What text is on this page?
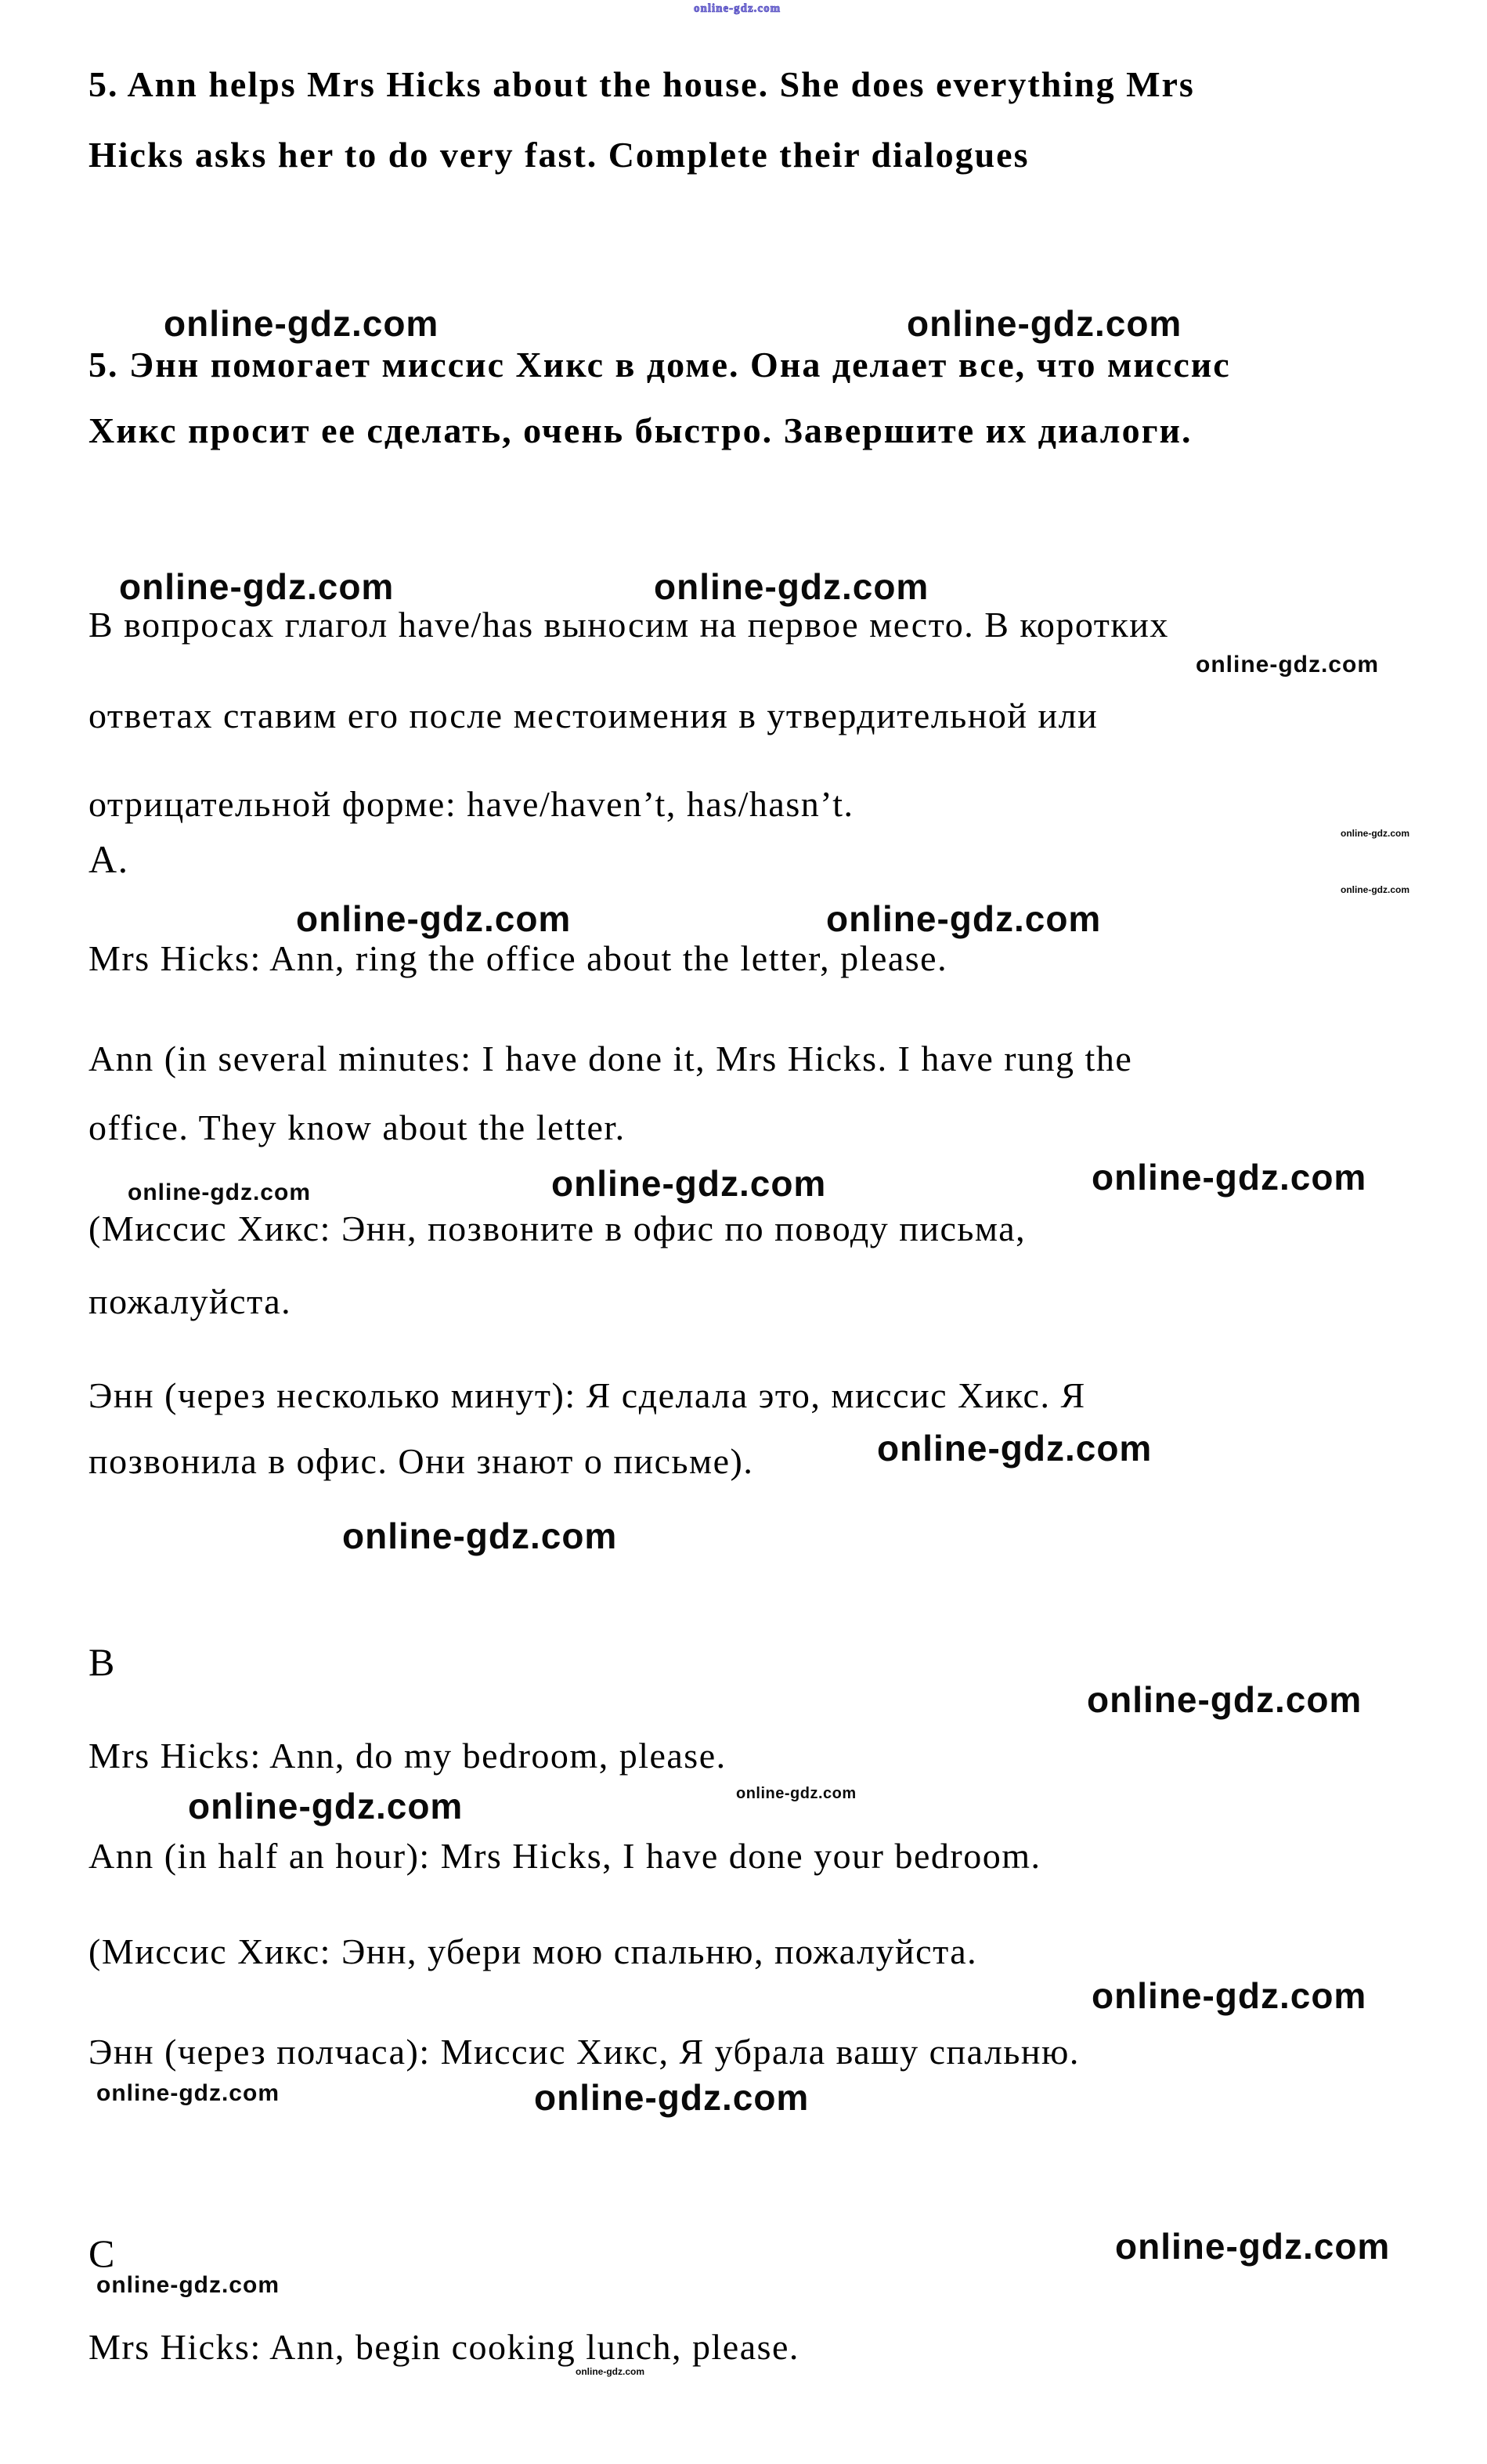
online-gdz.com
5. Ann helps Mrs Hicks about the house. She does everything Mrs
Hicks asks her to do very fast. Complete their dialogues
online-gdz.com	online-gdz.com
5. Энн помогает миссис Хикс в доме. Она делает все, что миссис
Хикс просит ее сделать, очень быстро. Завершите их диалоги.
online-gdz.com	online-gdz.com
В вопросах глагол have/has выносим на первое место. В коротких
online-gdz.com
ответах ставим его после местоимения в утвердительной или
отрицательной форме: have/haven’t, has/hasn’t.
A.
online-gdz.com
online-gdz.com
online-gdz.com	online-gdz.com
Mrs Hicks: Ann, ring the office about the letter, please.
Ann (in several minutes: I have done it, Mrs Hicks. I have rung the
office. They know about the letter.
online-gdz.com	online-gdz.com	online-gdz.com
(Миссис Хикс: Энн, позвоните в офис по поводу письма,
пожалуйста.
Энн (через несколько минут): Я сделала это, миссис Хикс. Я
позвонила в офис. Они знают о письме).	online-gdz.com
online-gdz.com
B
online-gdz.com
Mrs Hicks: Ann, do my bedroom, please.
online-gdz.com
online-gdz.com
Ann (in half an hour): Mrs Hicks, I have done your bedroom.
(Миссис Хикс: Энн, убери мою спальню, пожалуйста.
online-gdz.com
Энн (через полчаса): Миссис Хикс, Я убрала вашу спальню.
online-gdz.com	online-gdz.com
C	online-gdz.com
online-gdz.com
Mrs Hicks: Ann, begin cooking lunch, please.
online-gdz.com
